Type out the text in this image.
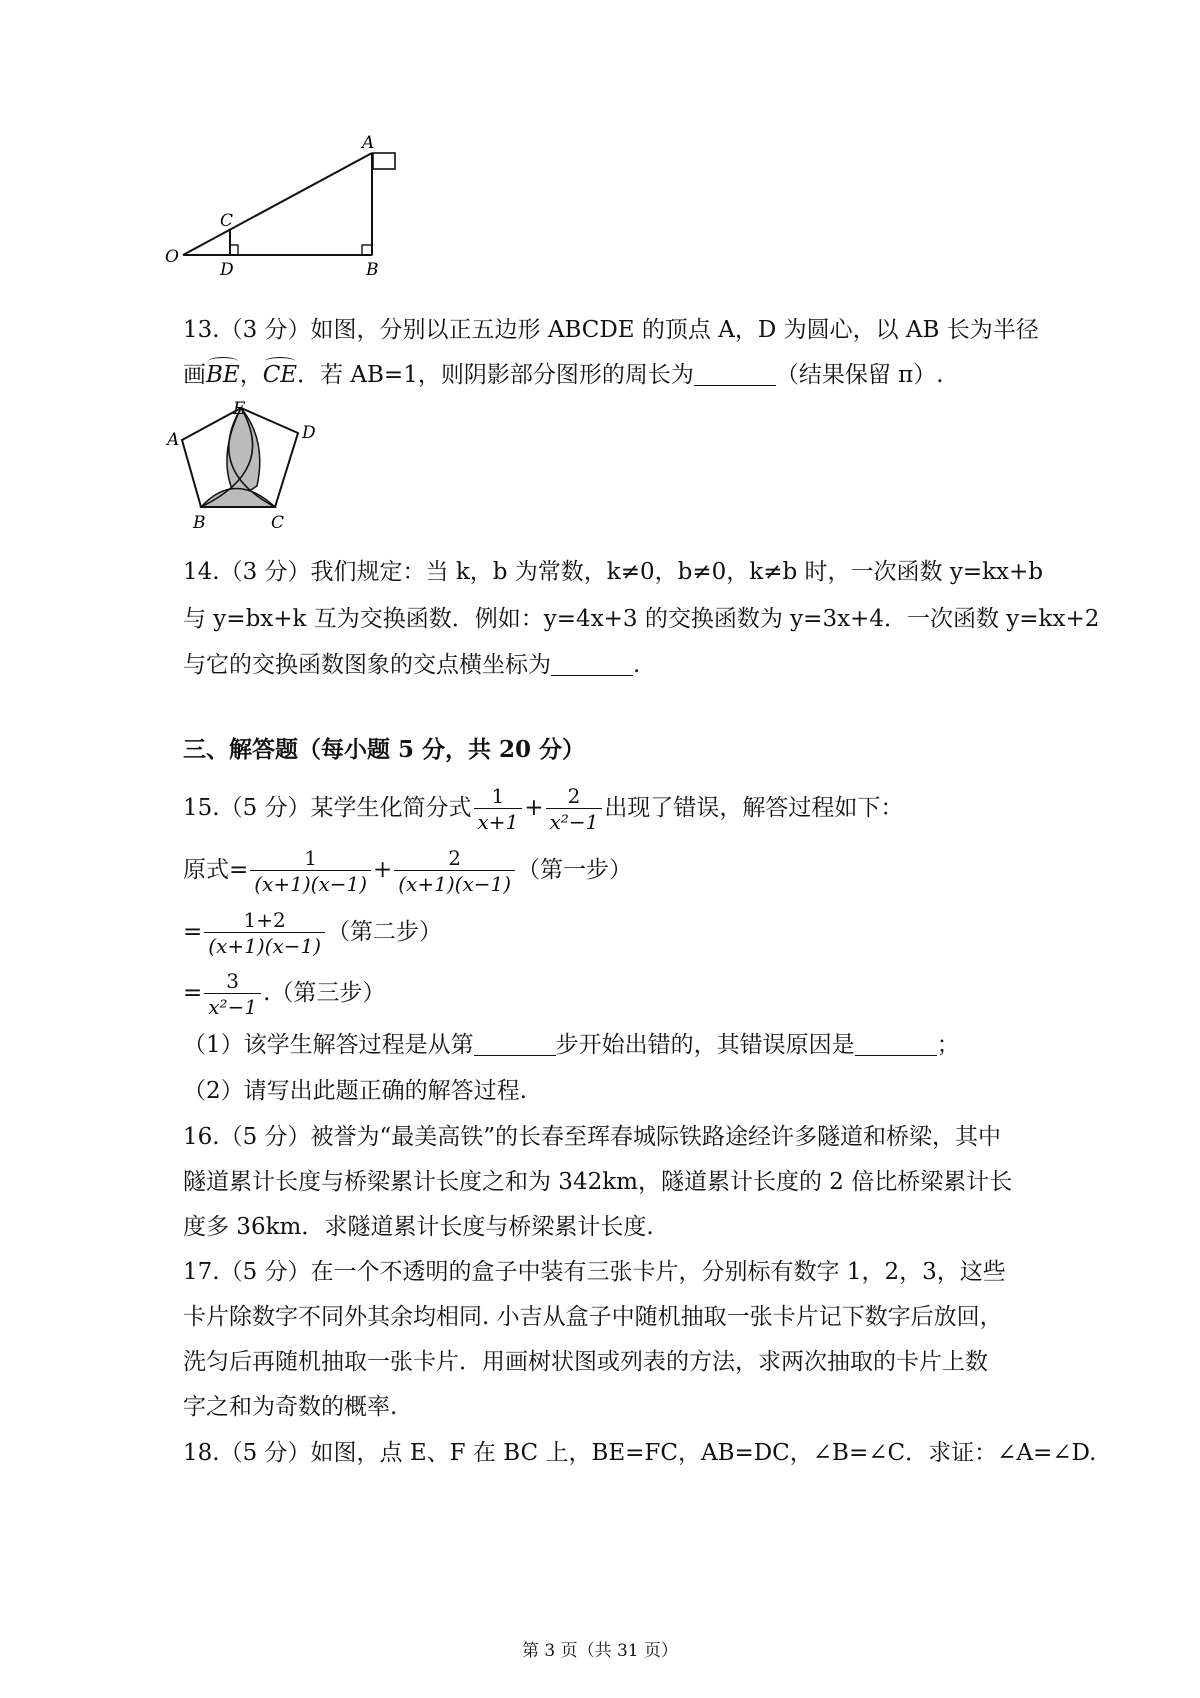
A
B
C
D
O
13.（3 分）如图，分别以正五边形 ABCDE 的顶点 A，D 为圆心，以 AB 长为半径
画BE，CE．若 AB=1，则阴影部分图形的周长为	（结果保留 π）.
E
A	D
B	C
14.（3 分）我们规定：当 k，b 为常数，k≠0，b≠0，k≠b 时，一次函数 y=kx+b
与 y=bx+k 互为交换函数．例如：y=4x+3 的交换函数为 y=3x+4．一次函数 y=kx+2
与它的交换函数图象的交点横坐标为	.
三、解答题（每小题 5 分，共 20 分）
15.（5 分）某学生化简分式 $\frac{1}{x+1} + \frac{2}{\text{x²−1}}$ 出现了错误，解答过程如下：
原式= $\frac{1}{(x+1)(x-1)} + \frac{2}{(x+1)(x-1)}$ （第一步）
= $\frac{1+2}{(x+1)(x-1)}$ （第二步）
= $\frac{3}{\text{x²−1}}$ .（第三步）
（1）该学生解答过程是从第	步开始出错的，其错误原因是	；
（2）请写出此题正确的解答过程.
16.（5 分）被誉为“最美高铁”的长春至珲春城际铁路途经许多隧道和桥梁，其中
隧道累计长度与桥梁累计长度之和为 342km，隧道累计长度的 2 倍比桥梁累计长
度多 36km．求隧道累计长度与桥梁累计长度.
17.（5 分）在一个不透明的盒子中装有三张卡片，分别标有数字 1，2，3，这些
卡片除数字不同外其余均相同. 小吉从盒子中随机抽取一张卡片记下数字后放回，
洗匀后再随机抽取一张卡片．用画树状图或列表的方法，求两次抽取的卡片上数
字之和为奇数的概率.
18.（5 分）如图，点 E、F 在 BC 上，BE=FC，AB=DC，∠B=∠C．求证：∠A=∠D.
第 3 页（共 31 页）
